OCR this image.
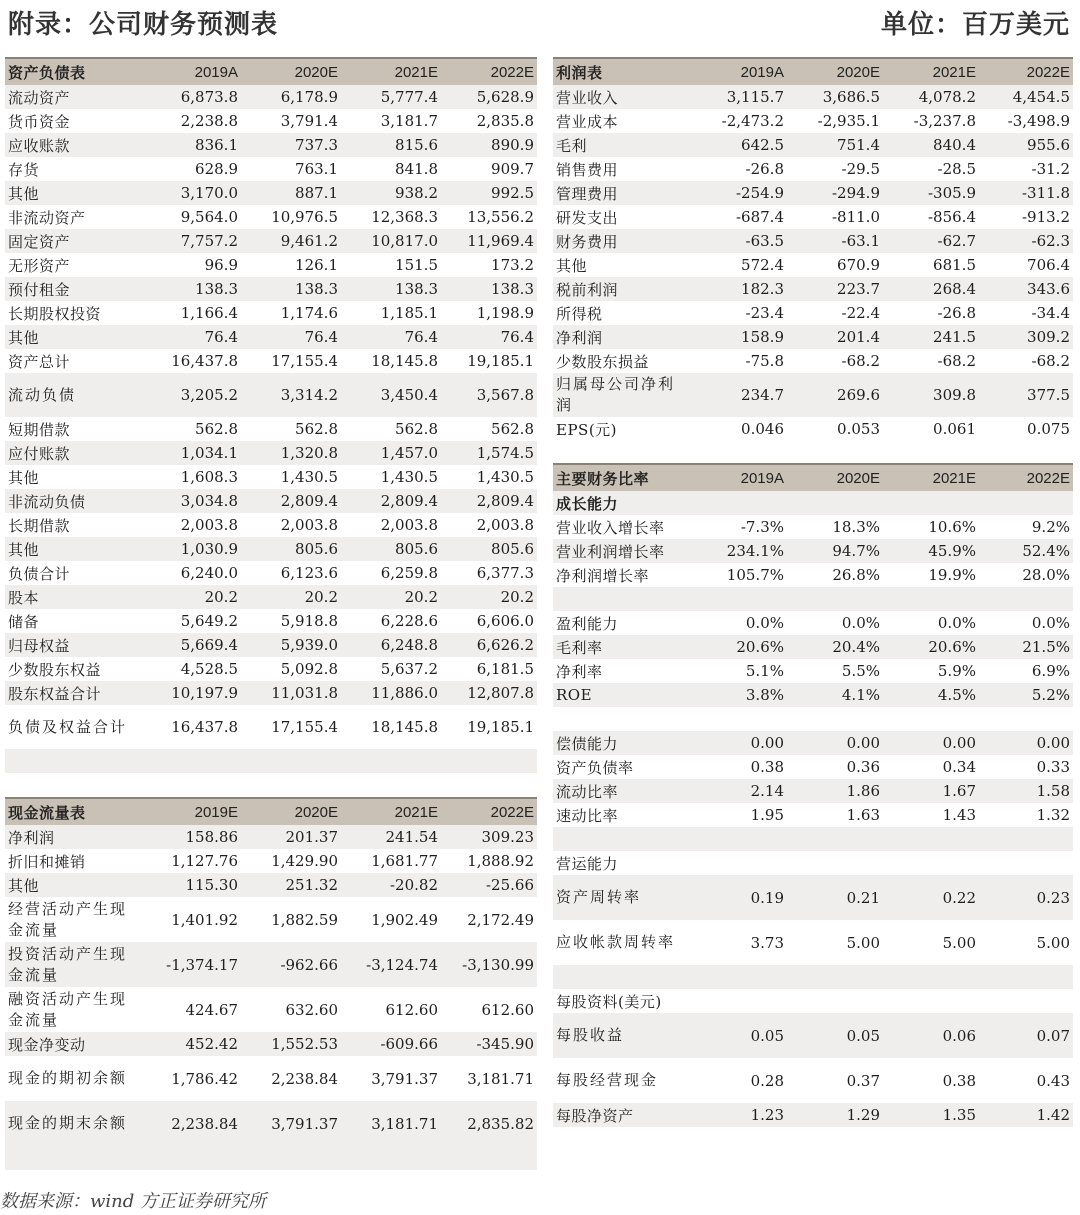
附录：公司财务预测表	单位：百万美元
资产负债表	2019A	2020E	2021E	2022E
流动资产	6,873.8	6,178.9	5,777.4	5,628.9
货币资金	2,238.8	3,791.4	3,181.7	2,835.8
应收账款	836.1	737.3	815.6	890.9
存货	628.9	763.1	841.8	909.7
其他	3,170.0	887.1	938.2	992.5
非流动资产	9,564.0	10,976.5	12,368.3	13,556.2
固定资产	7,757.2	9,461.2	10,817.0	11,969.4
无形资产	96.9	126.1	151.5	173.2
预付租金	138.3	138.3	138.3	138.3
长期股权投资	1,166.4	1,174.6	1,185.1	1,198.9
其他	76.4	76.4	76.4	76.4
资产总计	16,437.8	17,155.4	18,145.8	19,185.1
流动负债	3,205.2	3,314.2	3,450.4	3,567.8
短期借款	562.8	562.8	562.8	562.8
应付账款	1,034.1	1,320.8	1,457.0	1,574.5
其他	1,608.3	1,430.5	1,430.5	1,430.5
非流动负债	3,034.8	2,809.4	2,809.4	2,809.4
长期借款	2,003.8	2,003.8	2,003.8	2,003.8
其他	1,030.9	805.6	805.6	805.6
负债合计	6,240.0	6,123.6	6,259.8	6,377.3
股本	20.2	20.2	20.2	20.2
储备	5,649.2	5,918.8	6,228.6	6,606.0
归母权益	5,669.4	5,939.0	6,248.8	6,626.2
少数股东权益	4,528.5	5,092.8	5,637.2	6,181.5
股东权益合计	10,197.9	11,031.8	11,886.0	12,807.8
负债及权益合计	16,437.8	17,155.4	18,145.8	19,185.1

现金流量表	2019E	2020E	2021E	2022E
净利润	158.86	201.37	241.54	309.23
折旧和摊销	1,127.76	1,429.90	1,681.77	1,888.92
其他	115.30	251.32	-20.82	-25.66
经营活动产生现金流量	1,401.92	1,882.59	1,902.49	2,172.49
投资活动产生现金流量	-1,374.17	-962.66	-3,124.74	-3,130.99
融资活动产生现金流量	424.67	632.60	612.60	612.60
现金净变动	452.42	1,552.53	-609.66	-345.90
现金的期初余额	1,786.42	2,238.84	3,791.37	3,181.71
现金的期末余额	2,238.84	3,791.37	3,181.71	2,835.82

利润表	2019A	2020E	2021E	2022E
营业收入	3,115.7	3,686.5	4,078.2	4,454.5
营业成本	-2,473.2	-2,935.1	-3,237.8	-3,498.9
毛利	642.5	751.4	840.4	955.6
销售费用	-26.8	-29.5	-28.5	-31.2
管理费用	-254.9	-294.9	-305.9	-311.8
研发支出	-687.4	-811.0	-856.4	-913.2
财务费用	-63.5	-63.1	-62.7	-62.3
其他	572.4	670.9	681.5	706.4
税前利润	182.3	223.7	268.4	343.6
所得税	-23.4	-22.4	-26.8	-34.4
净利润	158.9	201.4	241.5	309.2
少数股东损益	-75.8	-68.2	-68.2	-68.2
归属母公司净利润	234.7	269.6	309.8	377.5
EPS(元)	0.046	0.053	0.061	0.075
主要财务比率	2019A	2020E	2021E	2022E
成长能力				
营业收入增长率	-7.3%	18.3%	10.6%	9.2%
营业利润增长率	234.1%	94.7%	45.9%	52.4%
净利润增长率	105.7%	26.8%	19.9%	28.0%

盈利能力	0.0%	0.0%	0.0%	0.0%
毛利率	20.6%	20.4%	20.6%	21.5%
净利率	5.1%	5.5%	5.9%	6.9%
ROE	3.8%	4.1%	4.5%	5.2%

偿债能力	0.00	0.00	0.00	0.00
资产负债率	0.38	0.36	0.34	0.33
流动比率	2.14	1.86	1.67	1.58
速动比率	1.95	1.63	1.43	1.32

营运能力				
资产周转率	0.19	0.21	0.22	0.23
应收帐款周转率	3.73	5.00	5.00	5.00

每股资料(美元)				
每股收益	0.05	0.05	0.06	0.07
每股经营现金	0.28	0.37	0.38	0.43
每股净资产	1.23	1.29	1.35	1.42
数据来源：wind 方正证券研究所
